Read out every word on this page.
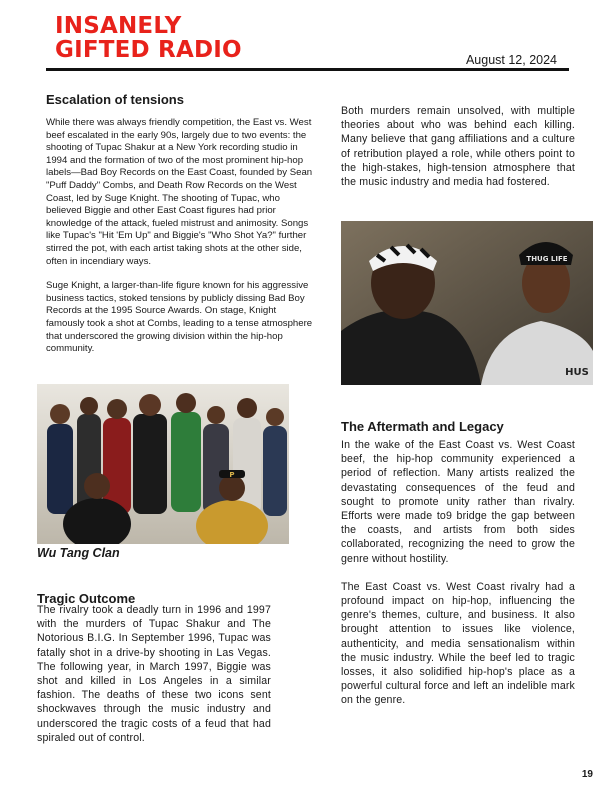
INSANELY
GIFTED RADIO	August 12, 2024
Escalation of tensions

While there was always friendly competition, the East vs. West beef escalated in the early 90s, largely due to two events: the shooting of Tupac Shakur at a New York recording studio in 1994 and the formation of two of the most prominent hip-hop labels—Bad Boy Records on the East Coast, founded by Sean "Puff Daddy" Combs, and Death Row Records on the West Coast, led by Suge Knight. The shooting of Tupac, who believed Biggie and other East Coast figures had prior knowledge of the attack, fueled mistrust and animosity. Songs like Tupac's "Hit 'Em Up" and Biggie's "Who Shot Ya?" further stirred the pot, with each artist taking shots at the other side, often in incendiary ways.

Suge Knight, a larger-than-life figure known for his aggressive business tactics, stoked tensions by publicly dissing Bad Boy Records at the 1995 Source Awards. On stage, Knight famously took a shot at Combs, leading to a tense atmosphere that underscored the growing division within the hip-hop community.

P
Wu Tang Clan
Tragic Outcome
The rivalry took a deadly turn in 1996 and 1997 with the murders of Tupac Shakur and The Notorious B.I.G. In September 1996, Tupac was fatally shot in a drive-by shooting in Las Vegas. The following year, in March 1997, Biggie was shot and killed in Los Angeles in a similar fashion. The deaths of these two icons sent shockwaves through the music industry and underscored the tragic costs of a feud that had spiraled out of control.

Both murders remain unsolved, with multiple theories about who was behind each killing. Many believe that gang affiliations and a culture of retribution played a role, while others point to the high-stakes, high-tension atmosphere that the music industry and media had fostered.

THUG LIFE
HUS
The Aftermath and Legacy

In the wake of the East Coast vs. West Coast beef, the hip-hop community experienced a period of reflection. Many artists realized the devastating consequences of the feud and sought to promote unity rather than rivalry. Efforts were made to9 bridge the gap between the coasts, and artists from both sides collaborated, recognizing the need to grow the genre without hostility.

The East Coast vs. West Coast rivalry had a profound impact on hip-hop, influencing the genre's themes, culture, and business. It also brought attention to issues like violence, authenticity, and media sensationalism within the music industry. While the beef led to tragic losses, it also solidified hip-hop's place as a powerful cultural force and left an indelible mark on the genre.

19
